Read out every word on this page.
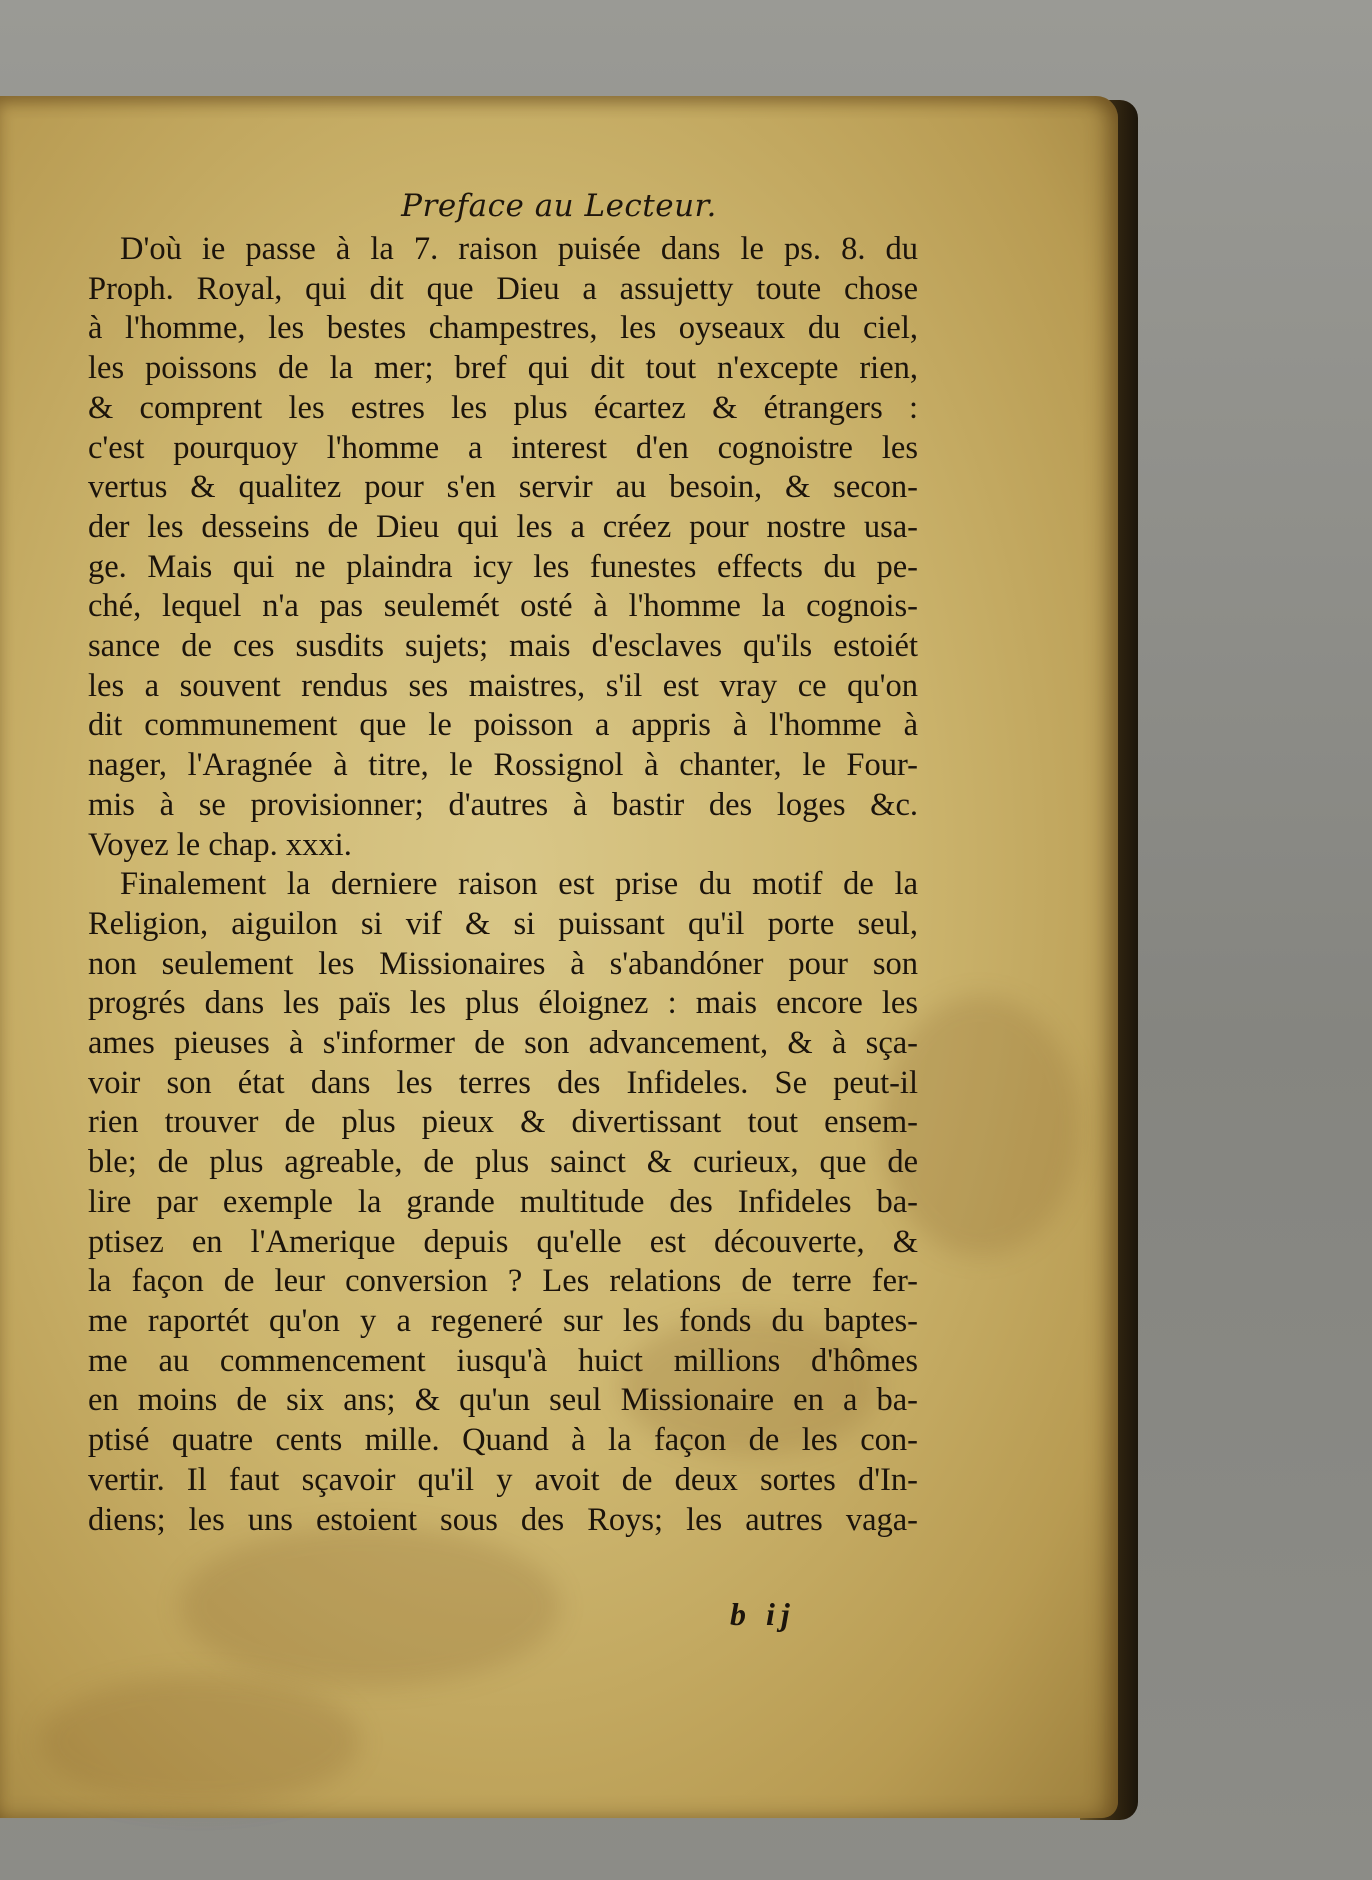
Preface au Lecteur.
D'où ie passe à la 7. raison puisée dans le ps. 8. du
Proph. Royal, qui dit que Dieu a assujetty toute chose
à l'homme, les bestes champestres, les oyseaux du ciel,
les poissons de la mer; bref qui dit tout n'excepte rien,
& comprent les estres les plus écartez & étrangers :
c'est pourquoy l'homme a interest d'en cognoistre les
vertus & qualitez pour s'en servir au besoin, & secon-
der les desseins de Dieu qui les a créez pour nostre usa-
ge. Mais qui ne plaindra icy les funestes effects du pe-
ché, lequel n'a pas seulemét osté à l'homme la cognois-
sance de ces susdits sujets; mais d'esclaves qu'ils estoiét
les a souvent rendus ses maistres, s'il est vray ce qu'on
dit communement que le poisson a appris à l'homme à
nager, l'Aragnée à titre, le Rossignol à chanter, le Four-
mis à se provisionner; d'autres à bastir des loges &c.
Voyez le chap. xxxi.
Finalement la derniere raison est prise du motif de la
Religion, aiguilon si vif & si puissant qu'il porte seul,
non seulement les Missionaires à s'abandóner pour son
progrés dans les païs les plus éloignez : mais encore les
ames pieuses à s'informer de son advancement, & à sça-
voir son état dans les terres des Infideles. Se peut-il
rien trouver de plus pieux & divertissant tout ensem-
ble; de plus agreable, de plus sainct & curieux, que de
lire par exemple la grande multitude des Infideles ba-
ptisez en l'Amerique depuis qu'elle est découverte, &
la façon de leur conversion ? Les relations de terre fer-
me raportét qu'on y a regeneré sur les fonds du baptes-
me au commencement iusqu'à huict millions d'hômes
en moins de six ans; & qu'un seul Missionaire en a ba-
ptisé quatre cents mille. Quand à la façon de les con-
vertir. Il faut sçavoir qu'il y avoit de deux sortes d'In-
diens; les uns estoient sous des Roys; les autres vaga-
b ij
